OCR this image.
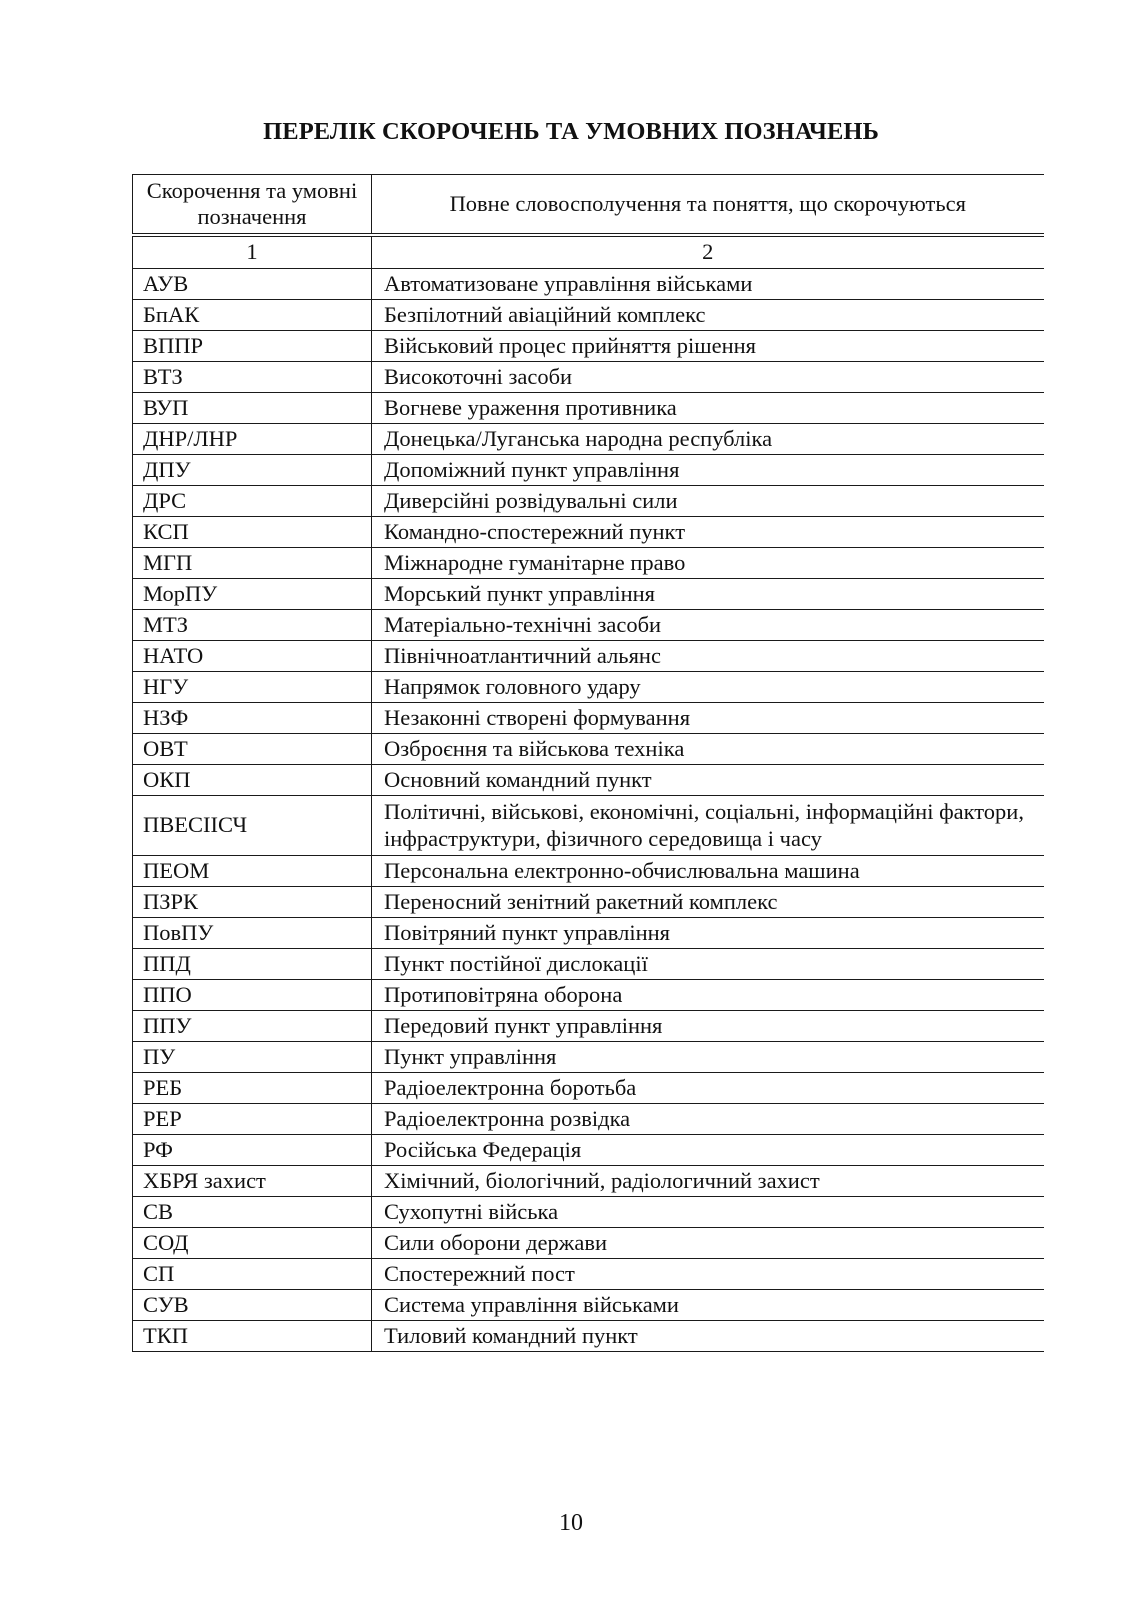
ПЕРЕЛІК СКОРОЧЕНЬ ТА УМОВНИХ ПОЗНАЧЕНЬ
Скорочення та умовні позначення	Повне словосполучення та поняття, що скорочуються
1	2
АУВ	Автоматизоване управління військами
БпАК	Безпілотний авіаційний комплекс
ВППР	Військовий процес прийняття рішення
ВТЗ	Високоточні засоби
ВУП	Вогневе ураження противника
ДНР/ЛНР	Донецька/Луганська народна республіка
ДПУ	Допоміжний пункт управління
ДРС	Диверсійні розвідувальні сили
КСП	Командно-спостережний пункт
МГП	Міжнародне гуманітарне право
МорПУ	Морський пункт управління
МТЗ	Матеріально-технічні засоби
НАТО	Північноатлантичний альянс
НГУ	Напрямок головного удару
НЗФ	Незаконні створені формування
ОВТ	Озброєння та військова техніка
ОКП	Основний командний пункт
ПВЕСІІСЧ	Політичні, військові, економічні, соціальні, інформаційні фактори, інфраструктури, фізичного середовища і часу
ПЕОМ	Персональна електронно-обчислювальна машина
ПЗРК	Переносний зенітний ракетний комплекс
ПовПУ	Повітряний пункт управління
ППД	Пункт постійної дислокації
ППО	Протиповітряна оборона
ППУ	Передовий пункт управління
ПУ	Пункт управління
РЕБ	Радіоелектронна боротьба
РЕР	Радіоелектронна розвідка
РФ	Російська Федерація
ХБРЯ захист	Хімічний, біологічний, радіологичний захист
СВ	Сухопутні війська
СОД	Сили оборони держави
СП	Спостережний пост
СУВ	Система управління військами
ТКП	Тиловий командний пункт
10
